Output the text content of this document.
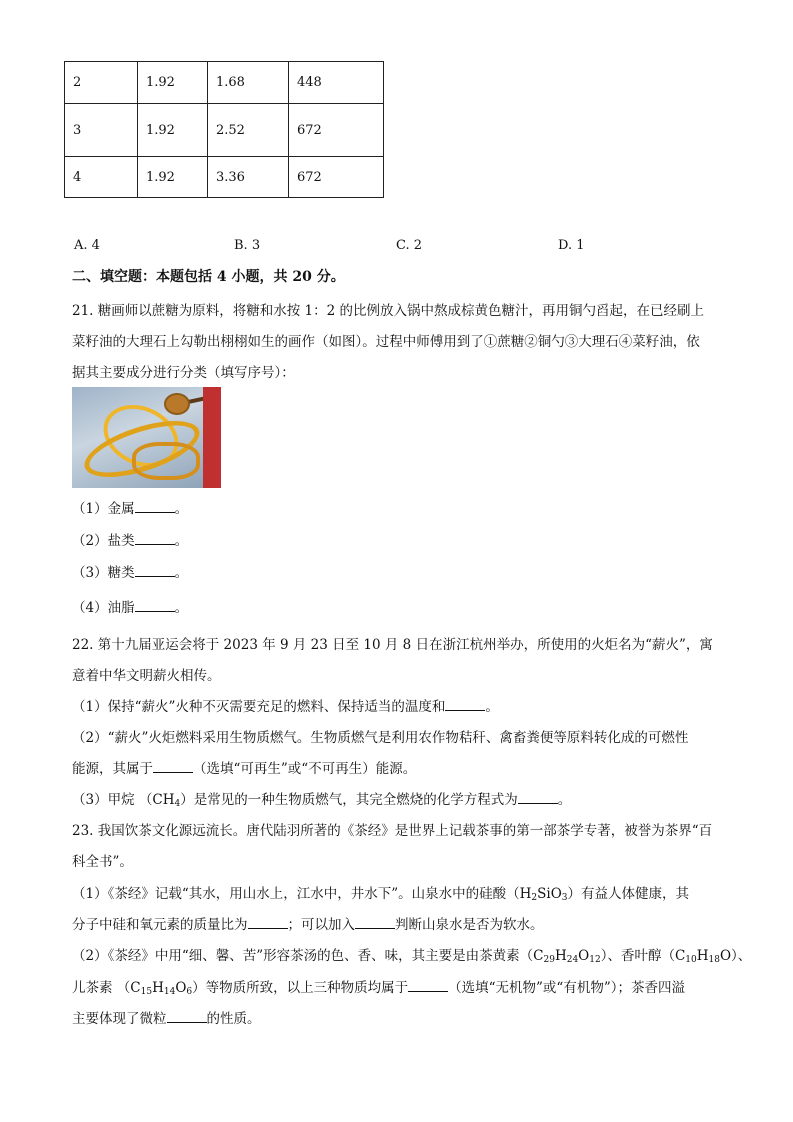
2	1.92	1.68	448
3	1.92	2.52	672
4	1.92	3.36	672
A. 4	B. 3	C. 2	D. 1
二、填空题：本题包括 4 小题，共 20 分。
21. 糖画师以蔗糖为原料，将糖和水按 1：2 的比例放入锅中熬成棕黄色糖汁，再用铜勺舀起，在已经刷上
菜籽油的大理石上勾勒出栩栩如生的画作（如图）。过程中师傅用到了①蔗糖②铜勺③大理石④菜籽油，依
据其主要成分进行分类（填写序号）：
（1）金属	。
（2）盐类	。
（3）糖类	。
（4）油脂	。
22. 第十九届亚运会将于 2023 年 9 月 23 日至 10 月 8 日在浙江杭州举办，所使用的火炬名为“薪火”，寓
意着中华文明薪火相传。
（1）保持“薪火”火种不灭需要充足的燃料、保持适当的温度和	。
（2）“薪火”火炬燃料采用生物质燃气。生物质燃气是利用农作物秸秆、禽畜粪便等原料转化成的可燃性
能源，其属于	（选填“可再生”或“不可再生）能源。
（3）甲烷 $(CH_4)$是常见的一种生物质燃气，其完全燃烧的化学方程式为	。
23. 我国饮茶文化源远流长。唐代陆羽所著的《茶经》是世界上记载茶事的第一部茶学专著，被誉为茶界“百
科全书”。
（1）《茶经》记载“其水，用山水上，江水中，井水下”。山泉水中的硅酸$(H_2SiO_3)$有益人体健康，其
分子中硅和氧元素的质量比为	；可以加入	判断山泉水是否为软水。
（2）《茶经》中用“细、馨、苦”形容茶汤的色、香、味，其主要是由茶黄素$(C_{29}H_{24}O_{12})$、香叶醇$(C_{10}H_{18}O)$、
儿茶素 $(C_{15}H_{14}O_6)$等物质所致，以上三种物质均属于	（选填“无机物”或“有机物”）；茶香四溢
主要体现了微粒	的性质。
